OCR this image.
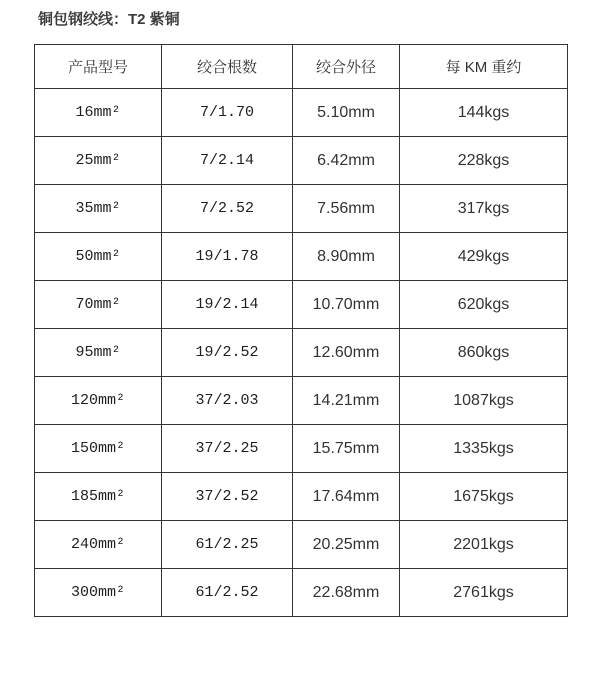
铜包钢绞线：T2 紫铜
产品型号	绞合根数	绞合外径	每 KM 重约
16mm²	7/1.70	5.10mm	144kgs
25mm²	7/2.14	6.42mm	228kgs
35mm²	7/2.52	7.56mm	317kgs
50mm²	19/1.78	8.90mm	429kgs
70mm²	19/2.14	10.70mm	620kgs
95mm²	19/2.52	12.60mm	860kgs
120mm²	37/2.03	14.21mm	1087kgs
150mm²	37/2.25	15.75mm	1335kgs
185mm²	37/2.52	17.64mm	1675kgs
240mm²	61/2.25	20.25mm	2201kgs
300mm²	61/2.52	22.68mm	2761kgs
